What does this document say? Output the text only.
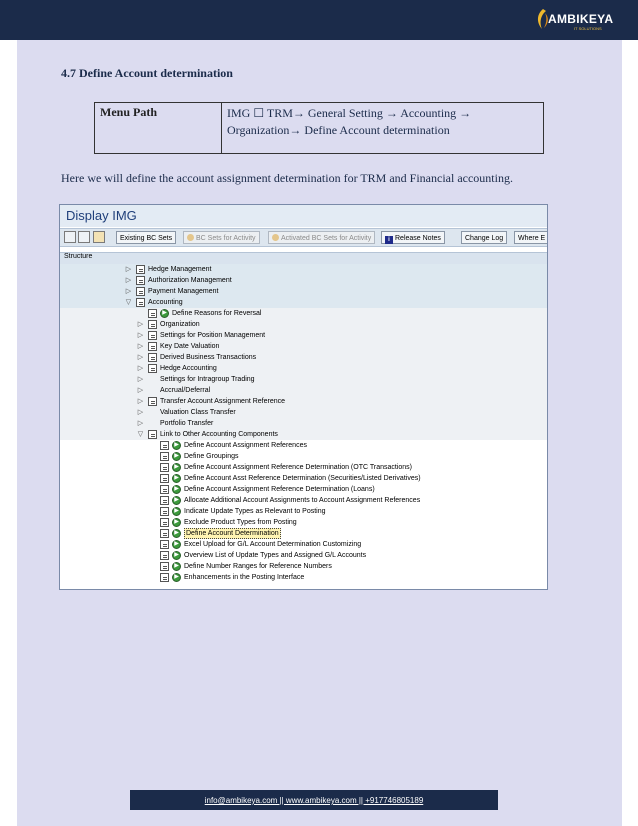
AMBIKEYA
IT SOLUTIONS
4.7 Define Account determination
Menu Path	IMG ☐ TRM→ General Setting → Accounting →
Organization→ Define Account determination
Here we will define the account assignment determination for TRM and Financial accounting.
Display IMG
Existing BC Sets	BC Sets for Activity	Activated BC Sets for Activity	i Release Notes	Change Log	Where E
Structure
▷ Hedge Management
▷ Authorization Management
▷ Payment Management
▽ Accounting
▶ Define Reasons for Reversal
▷ Organization
▷ Settings for Position Management
▷ Key Date Valuation
▷ Derived Business Transactions
▷ Hedge Accounting
▷ Settings for Intragroup Trading
▷ Accrual/Deferral
▷ Transfer Account Assignment Reference
▷ Valuation Class Transfer
▷ Portfolio Transfer
▽ Link to Other Accounting Components
▶ Define Account Assignment References
▶ Define Groupings
▶ Define Account Assignment Reference Determination (OTC Transactions)
▶ Define Account Asst Reference Determination (Securities/Listed Derivatives)
▶ Define Account Assignment Reference Determination (Loans)
▶ Allocate Additional Account Assignments to Account Assignment References
▶ Indicate Update Types as Relevant to Posting
▶ Exclude Product Types from Posting
▶	Define Account Determination
▶ Excel Upload for G/L Account Determination Customizing
▶ Overview List of Update Types and Assigned G/L Accounts
▶ Define Number Ranges for Reference Numbers
▶ Enhancements in the Posting Interface
info@ambikeya.com || www.ambikeya.com || +917746805189
